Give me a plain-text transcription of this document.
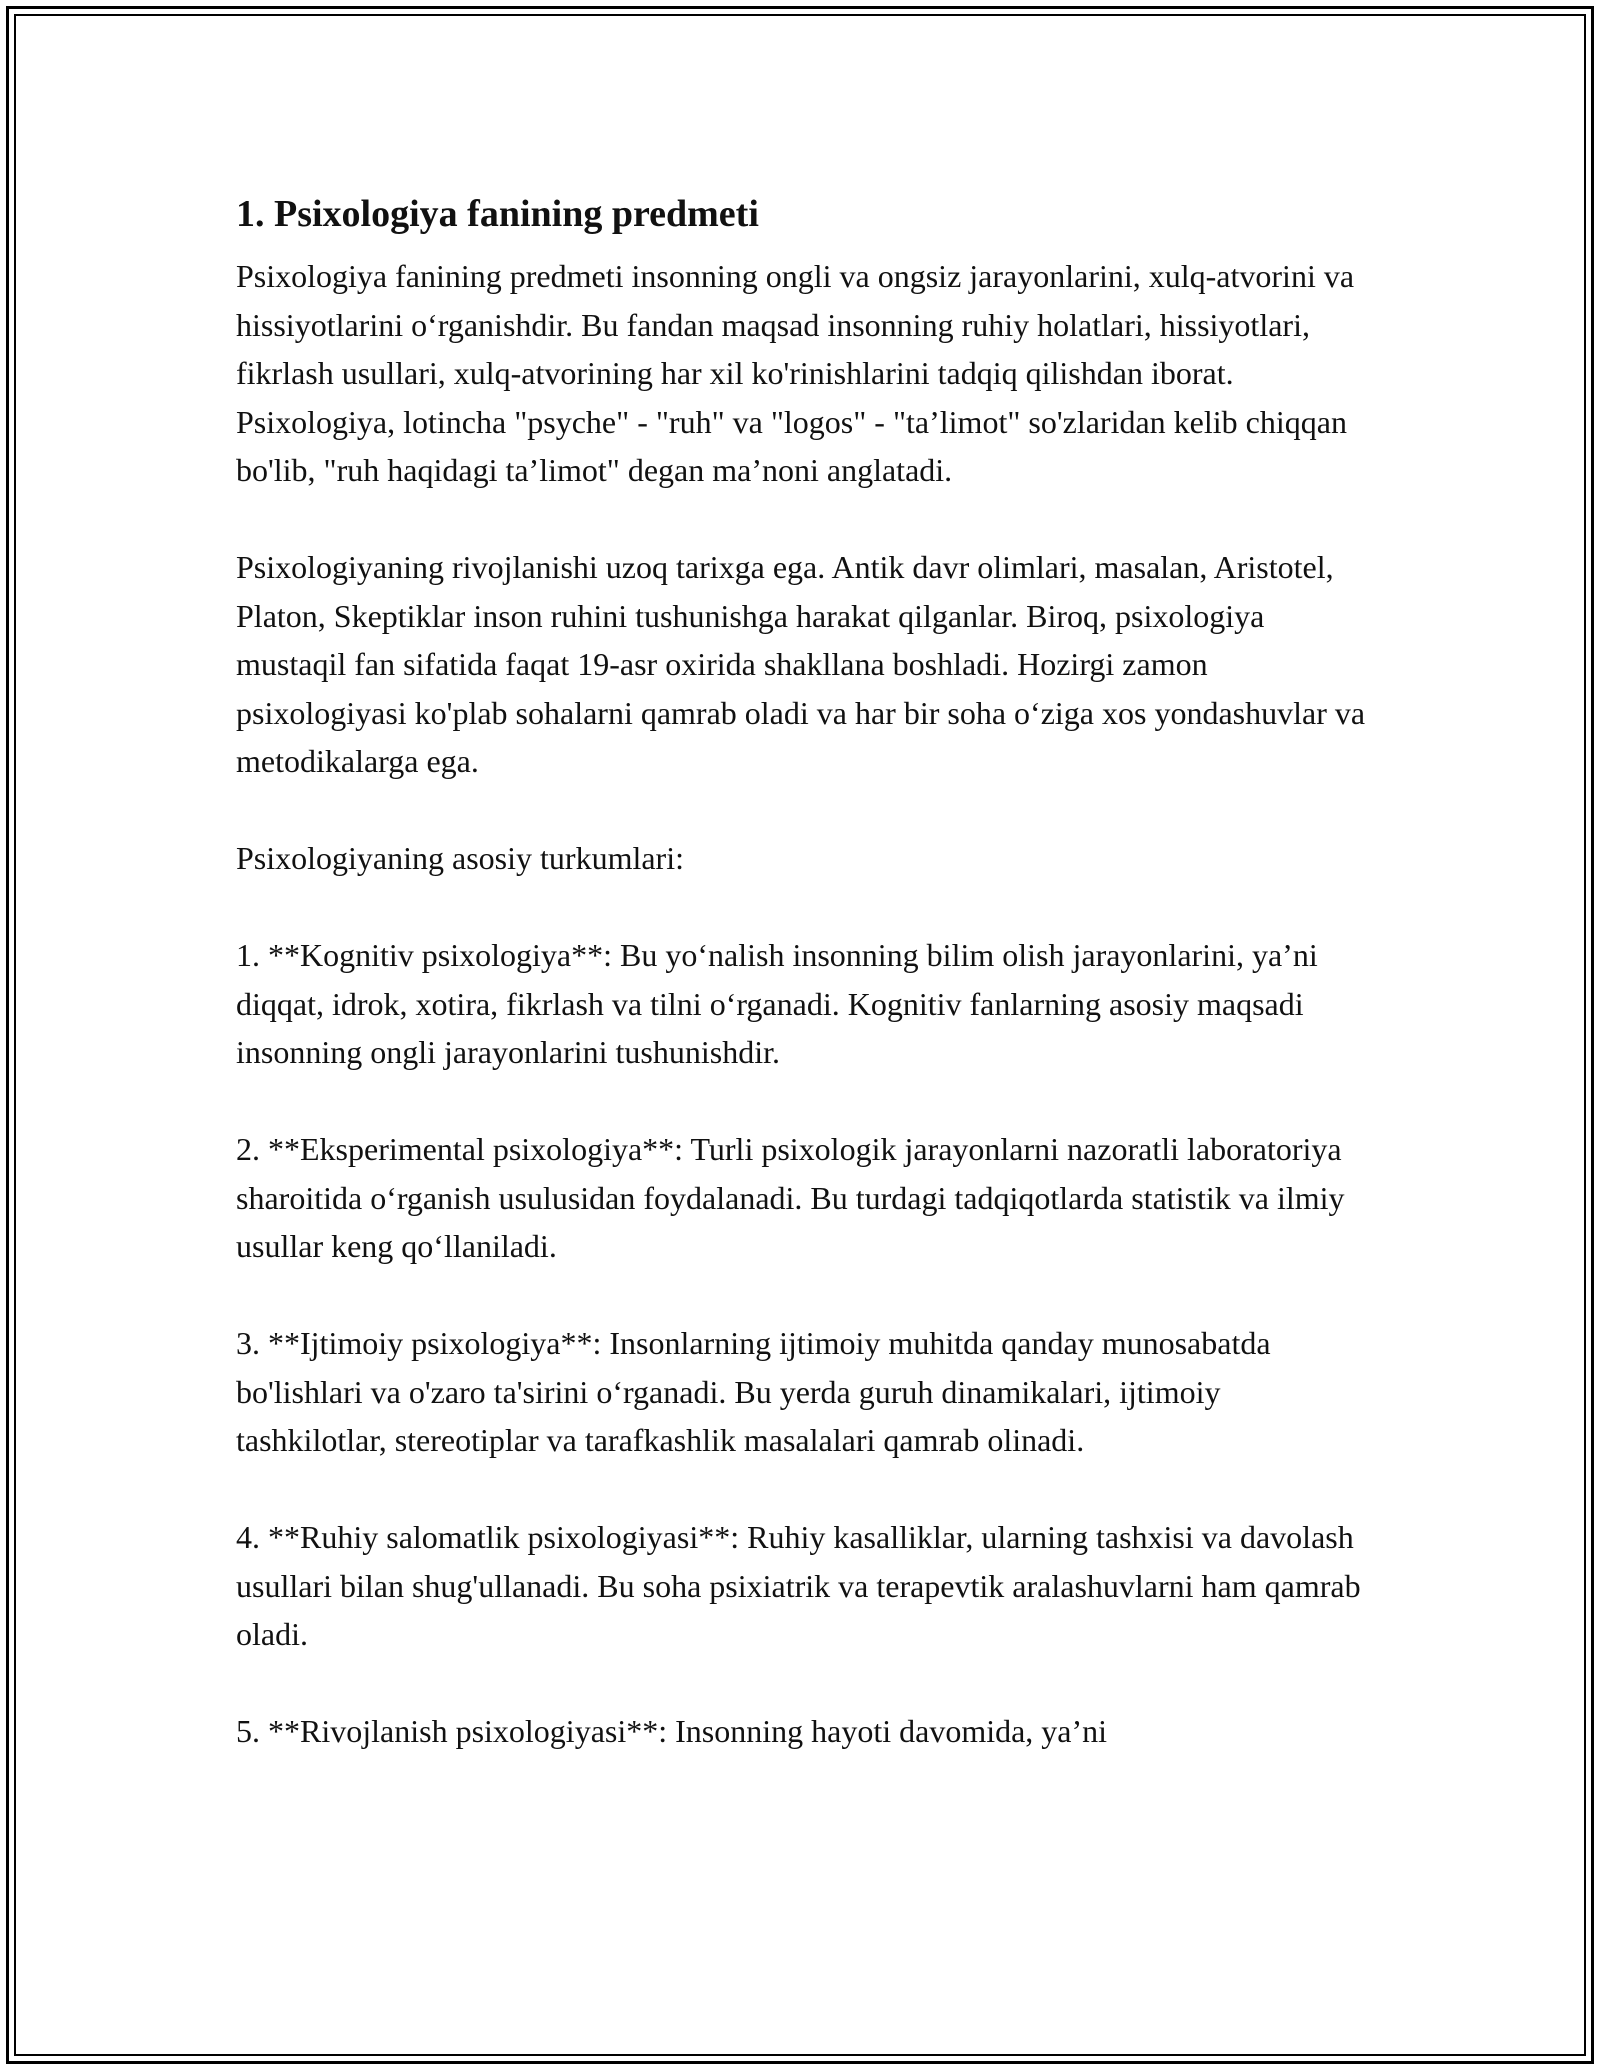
1. Psixologiya fanining predmeti

Psixologiya fanining predmeti insonning ongli va ongsiz jarayonlarini, xulq-atvorini va hissiyotlarini o‘rganishdir. Bu fandan maqsad insonning ruhiy holatlari, hissiyotlari, fikrlash usullari, xulq-atvorining har xil ko'rinishlarini tadqiq qilishdan iborat. Psixologiya, lotincha "psyche" - "ruh" va "logos" - "ta’limot" so'zlaridan kelib chiqqan bo'lib, "ruh haqidagi ta’limot" degan ma’noni anglatadi.

Psixologiyaning rivojlanishi uzoq tarixga ega. Antik davr olimlari, masalan, Aristotel, Platon, Skeptiklar inson ruhini tushunishga harakat qilganlar. Biroq, psixologiya mustaqil fan sifatida faqat 19-asr oxirida shakllana boshladi. Hozirgi zamon psixologiyasi ko'plab sohalarni qamrab oladi va har bir soha o‘ziga xos yondashuvlar va metodikalarga ega.

Psixologiyaning asosiy turkumlari:

1. **Kognitiv psixologiya**: Bu yo‘nalish insonning bilim olish jarayonlarini, ya’ni diqqat, idrok, xotira, fikrlash va tilni o‘rganadi. Kognitiv fanlarning asosiy maqsadi insonning ongli jarayonlarini tushunishdir.

2. **Eksperimental psixologiya**: Turli psixologik jarayonlarni nazoratli laboratoriya sharoitida o‘rganish usulusidan foydalanadi. Bu turdagi tadqiqotlarda statistik va ilmiy usullar keng qo‘llaniladi.

3. **Ijtimoiy psixologiya**: Insonlarning ijtimoiy muhitda qanday munosabatda bo'lishlari va o'zaro ta'sirini o‘rganadi. Bu yerda guruh dinamikalari, ijtimoiy tashkilotlar, stereotiplar va tarafkashlik masalalari qamrab olinadi.

4. **Ruhiy salomatlik psixologiyasi**: Ruhiy kasalliklar, ularning tashxisi va davolash usullari bilan shug'ullanadi. Bu soha psixiatrik va terapevtik aralashuvlarni ham qamrab oladi.

5. **Rivojlanish psixologiyasi**: Insonning hayoti davomida, ya’ni
